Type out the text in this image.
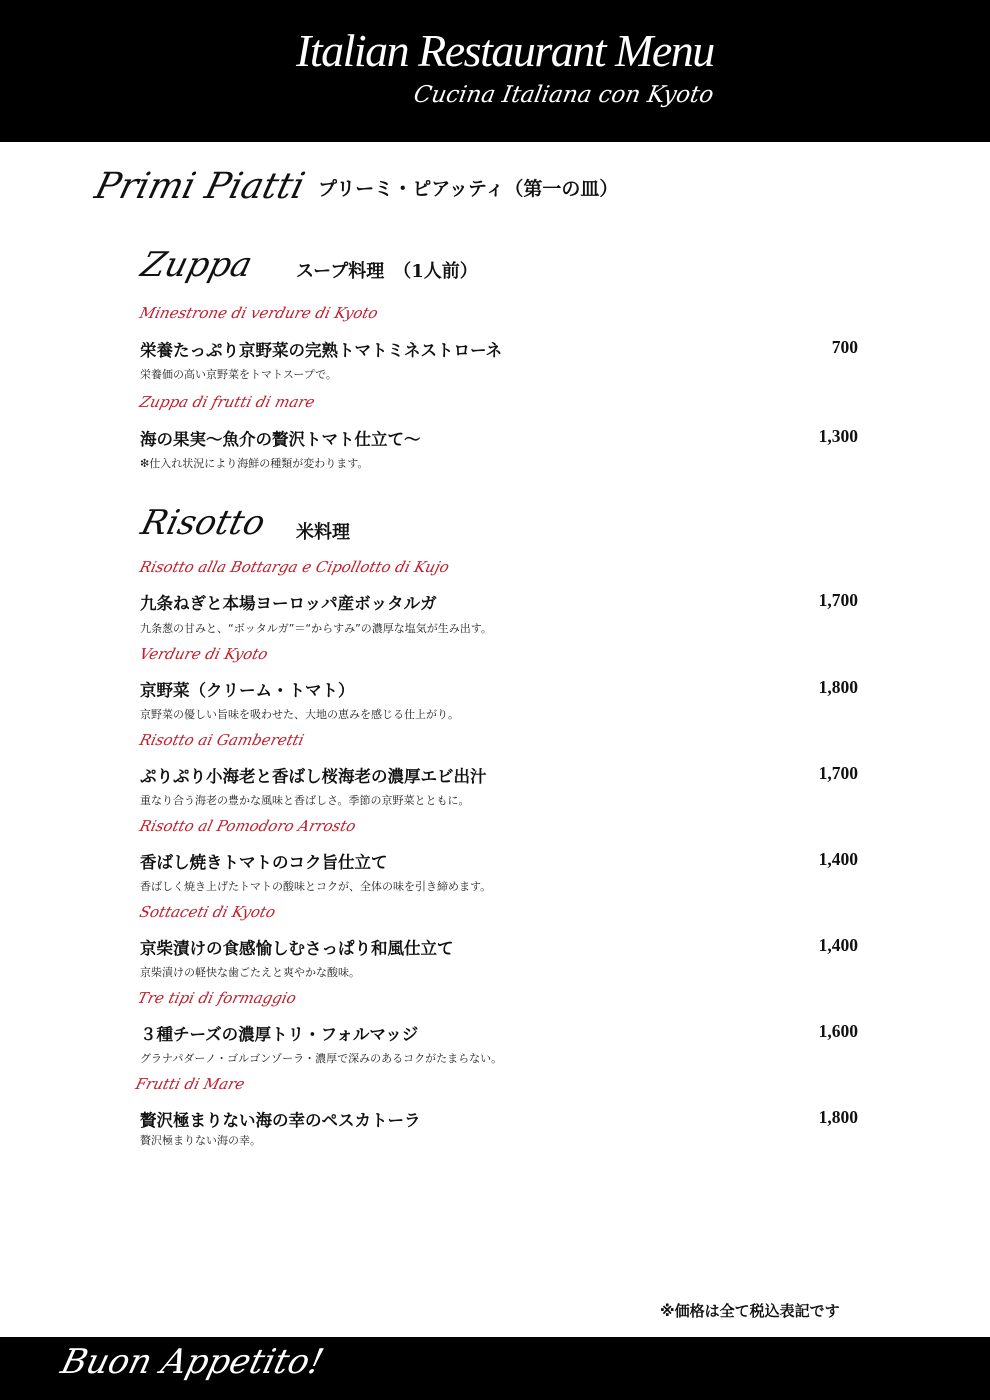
Italian Restaurant Menu
Cucina Italiana con Kyoto
Primi Piatti プリーミ・ピアッティ（第一の皿）
Zuppa スープ料理　（1人前）
Minestrone di verdure di Kyoto
栄養たっぷり京野菜の完熟トマトミネストローネ	700
栄養価の高い京野菜をトマトスープで。
Zuppa di frutti di mare
海の果実〜魚介の贅沢トマト仕立て〜	1,300
❇︎仕入れ状況により海鮮の種類が変わります。
Risotto 米料理
Risotto alla Bottarga e Cipollotto di Kujo
九条ねぎと本場ヨーロッパ産ボッタルガ	1,700
九条葱の甘みと、“ボッタルガ”＝“からすみ”の濃厚な塩気が生み出す。
Verdure di Kyoto
京野菜（クリーム・トマト）	1,800
京野菜の優しい旨味を吸わせた、大地の恵みを感じる仕上がり。
Risotto ai Gamberetti
ぷりぷり小海老と香ばし桜海老の濃厚エビ出汁	1,700
重なり合う海老の豊かな風味と香ばしさ。季節の京野菜とともに。
Risotto al Pomodoro Arrosto
香ばし焼きトマトのコク旨仕立て	1,400
香ばしく焼き上げたトマトの酸味とコクが、全体の味を引き締めます。
Sottaceti di Kyoto
京柴漬けの食感愉しむさっぱり和風仕立て	1,400
京柴漬けの軽快な歯ごたえと爽やかな酸味。
Tre tipi di formaggio
３種チーズの濃厚トリ・フォルマッジ	1,600
グラナパダーノ・ゴルゴンゾーラ・濃厚で深みのあるコクがたまらない。
Frutti di Mare
贅沢極まりない海の幸のペスカトーラ	1,800
贅沢極まりない海の幸。
※価格は全て税込表記です
Buon Appetito!
